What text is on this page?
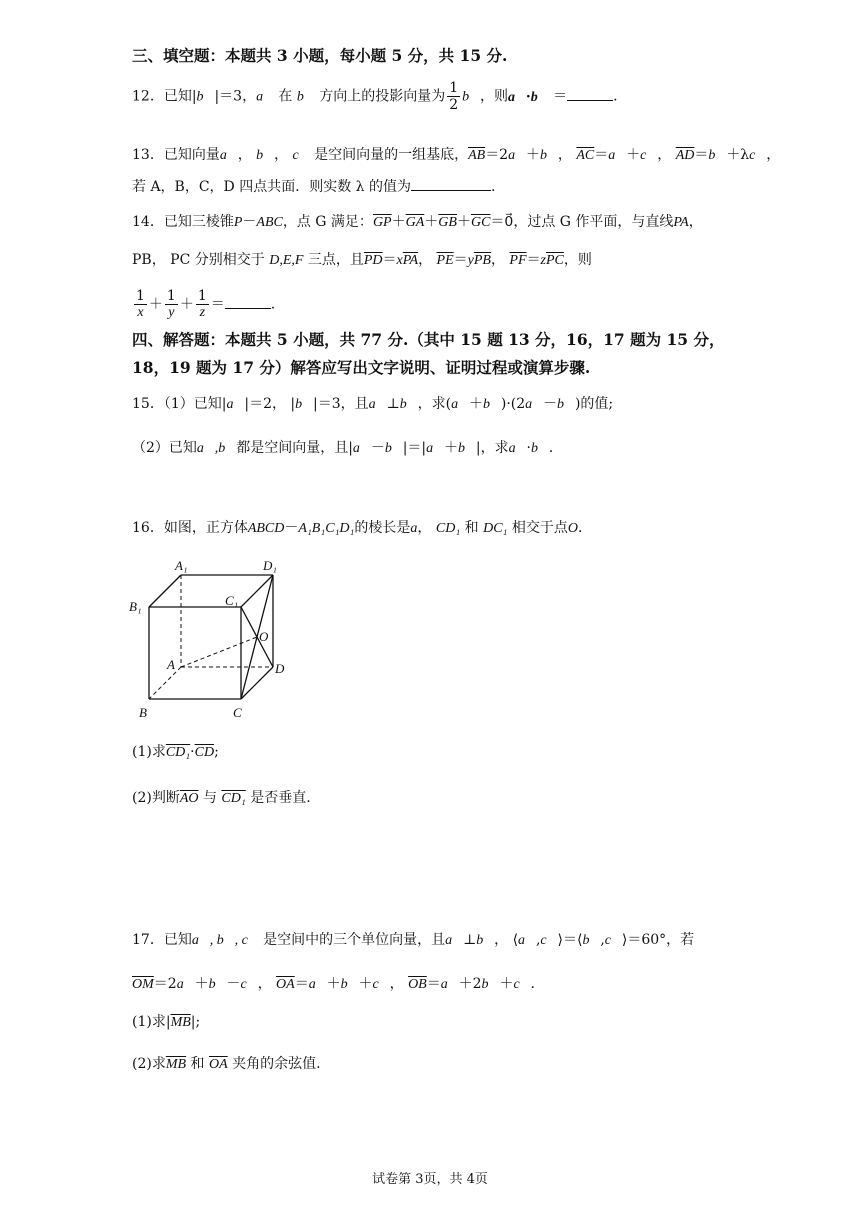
三、填空题：本题共 3 小题，每小题 5 分，共 15 分.
12．已知|b⃗|＝3，a⃗ 在 b⃗ 方向上的投影向量为 $\frac{1}{2}$ b⃗，则a⃗·b⃗ ＝	.
13．已知向量a⃗， b⃗， c⃗ 是空间向量的一组基底，$\overline{AB}=2a⃗+b⃗$， $\overline{AC}=a⃗+c⃗$， $\overline{AD}=b⃗+\lambda c⃗$，
若 A，B，C，D 四点共面．则实数 λ 的值为	.
14．已知三棱锥P－ABC，点 G 满足：$\overline{GP}+\overline{GA}+\overline{GB}+\overline{GC}=0⃗$，过点 G 作平面，与直线PA，
PB， PC 分别相交于 D,E,F 三点，且$\overline{PD}=x\overline{PA}$， $\overline{PE}=y\overline{PB}$， $\overline{PF}=z\overline{PC}$，则
$\frac{1}{x} + \frac{1}{y} + \frac{1}{z}$ ＝	.
四、解答题：本题共 5 小题，共 77 分.（其中 15 题 13 分，16，17 题为 15 分，
18，19 题为 17 分）解答应写出文字说明、证明过程或演算步骤.
15．（1）已知|a⃗|＝2， |b⃗|＝3，且a⃗⊥b⃗，求(a⃗＋b⃗)·(2a⃗－b⃗)的值;
（2）已知a⃗,b⃗都是空间向量，且|a⃗－b⃗|＝|a⃗＋b⃗|，求a⃗·b⃗．
16．如图，正方体ABCD－A₁B₁C₁D₁的棱长是a， CD₁ 和 DC₁ 相交于点O．
A₁	D₁
B₁	C₁
O
A	D
B	C
(1)求$CD_1\cdot\overline{CD}$;
(2)判断$\overline{AO}$ 与 CD₁ 是否垂直.
17．已知a⃗, b⃗, c⃗ 是空间中的三个单位向量，且a⃗⊥b⃗， ⟨a⃗,c⃗⟩＝⟨b⃗,c⃗⟩＝60°，若
$\overline{OM}=2a⃗+b⃗-c⃗$， $\overline{OA}=a⃗+b⃗+c⃗$， $\overline{OB}=a⃗+2b⃗+c⃗$.
(1)求$|\overline{MB}|$;
(2)求$\overline{MB}$ 和 $\overline{OA}$ 夹角的余弦值.
试卷第 3页，共 4页
